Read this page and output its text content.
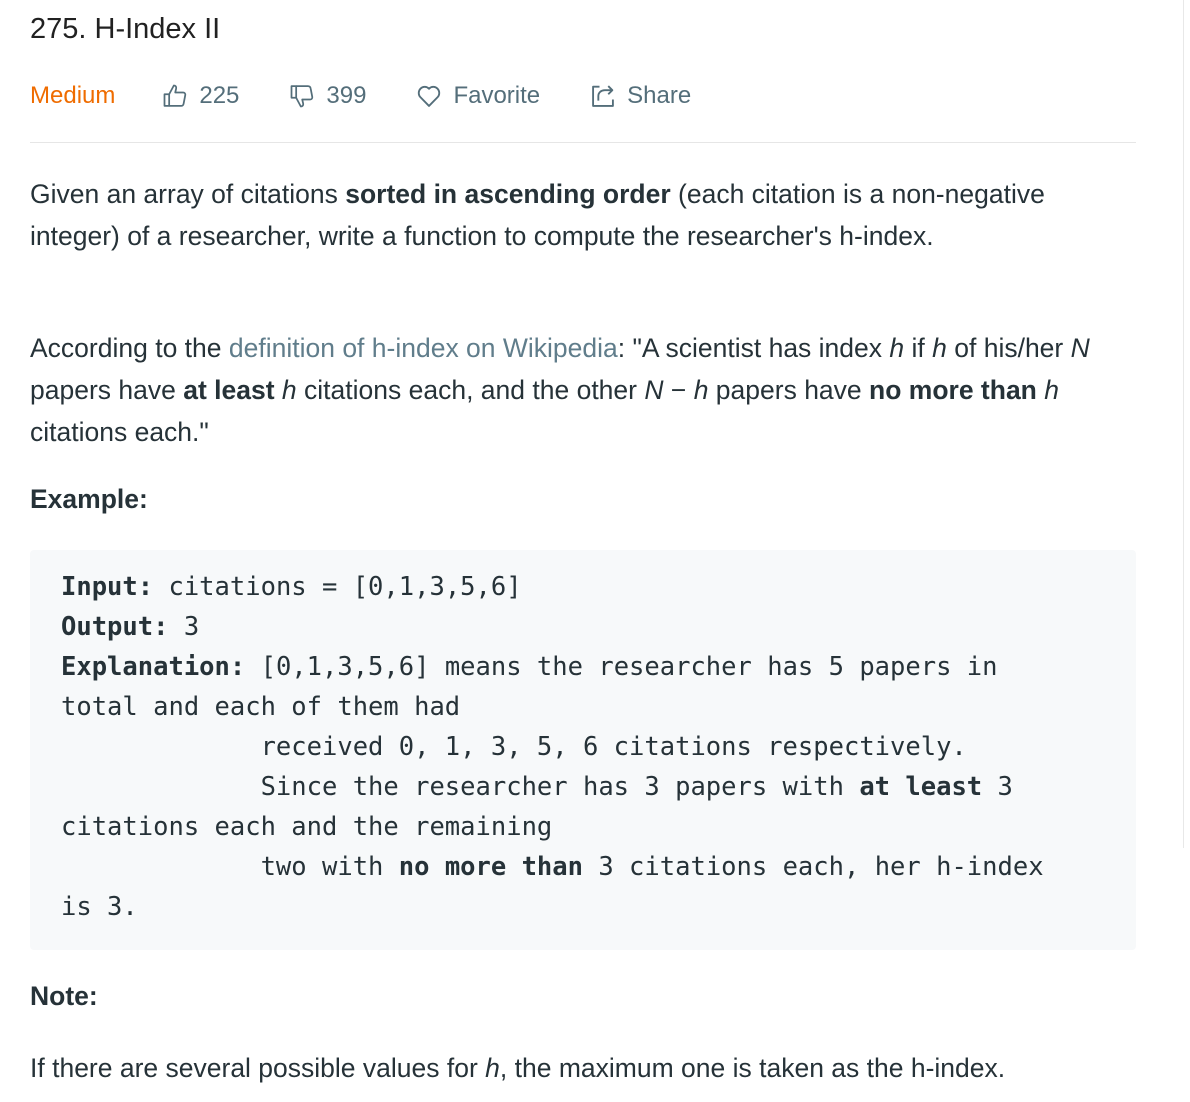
275. H-Index II
Medium	225	399	Favorite	Share
Given an array of citations sorted in ascending order (each citation is a non-negative integer) of a researcher, write a function to compute the researcher's h-index.
According to the definition of h-index on Wikipedia: "A scientist has index h if h of his/her N papers have at least h citations each, and the other N − h papers have no more than h citations each."
Example:
Input: citations = [0,1,3,5,6]
Output: 3
Explanation: [0,1,3,5,6] means the researcher has 5 papers in
total and each of them had
received 0, 1, 3, 5, 6 citations respectively.
Since the researcher has 3 papers with at least 3
citations each and the remaining
two with no more than 3 citations each, her h-index
is 3.
Note:
If there are several possible values for h, the maximum one is taken as the h-index.
